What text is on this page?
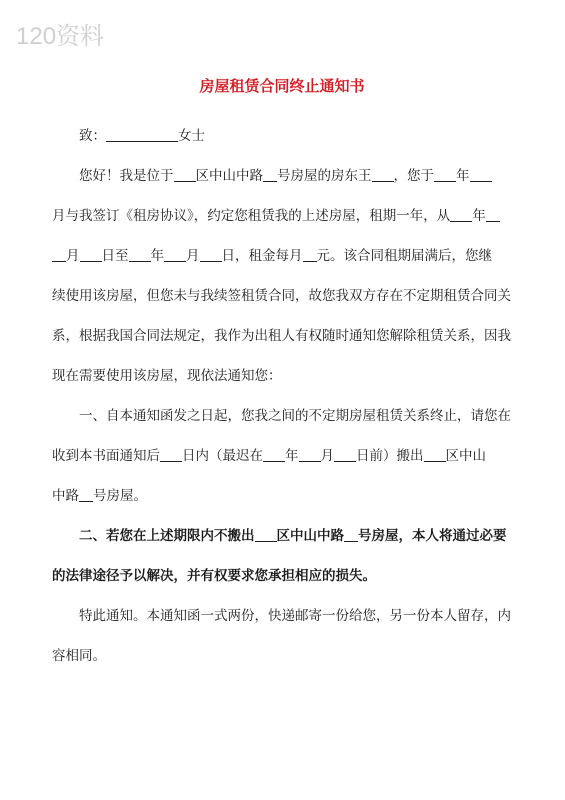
120资料
房屋租赁合同终止通知书
致：	女士
您好！我是位于 区中山中路 号房屋的房东王 ，您于 年
月与我签订《租房协议》，约定您租赁我的上述房屋，租期一年，从 年
月 日至 年 月 日，租金每月 元。该合同租期届满后，您继
续使用该房屋，但您未与我续签租赁合同，故您我双方存在不定期租赁合同关
系，根据我国合同法规定，我作为出租人有权随时通知您解除租赁关系，因我
现在需要使用该房屋，现依法通知您：
一、自本通知函发之日起，您我之间的不定期房屋租赁关系终止，请您在
收到本书面通知后 日内（最迟在 年 月 日前）搬出 区中山
中路 号房屋。
二、若您在上述期限内不搬出 区中山中路 号房屋，本人将通过必要
的法律途径予以解决，并有权要求您承担相应的损失。
特此通知。本通知函一式两份，快递邮寄一份给您，另一份本人留存，内
容相同。
